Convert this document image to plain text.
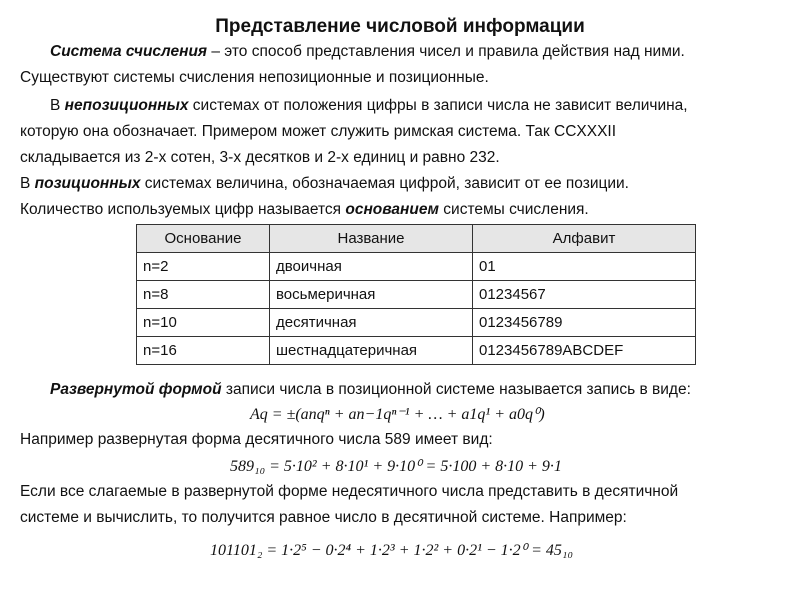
Представление числовой информации
Система счисления – это способ представления чисел и правила действия над ними.
Существуют системы счисления непозиционные и позиционные.
В непозиционных системах от положения цифры в записи числа не зависит величина,
которую она обозначает. Примером может служить римская система. Так CCXXXII
складывается из 2-х сотен, 3-х десятков и 2-х единиц и равно 232.
В позиционных системах величина, обозначаемая цифрой, зависит от ее позиции.
Количество используемых цифр называется основанием системы счисления.
Основание	Название	Алфавит
n=2	двоичная	01
n=8	восьмеричная	01234567
n=10	десятичная	0123456789
n=16	шестнадцатеричная	0123456789ABCDEF
Развернутой формой записи числа в позиционной системе называется запись в виде:
Aq = ±(anqⁿ + an−1qⁿ⁻¹ + … + a1q¹ + a0q⁰)
Например развернутая форма десятичного числа 589 имеет вид:
589₁₀ = 5·10² + 8·10¹ + 9·10⁰ = 5·100 + 8·10 + 9·1
Если все слагаемые в развернутой форме недесятичного числа представить в десятичной
системе и вычислить, то получится равное число в десятичной системе. Например:
101101₂ = 1·2⁵ − 0·2⁴ + 1·2³ + 1·2² + 0·2¹ − 1·2⁰ = 45₁₀
